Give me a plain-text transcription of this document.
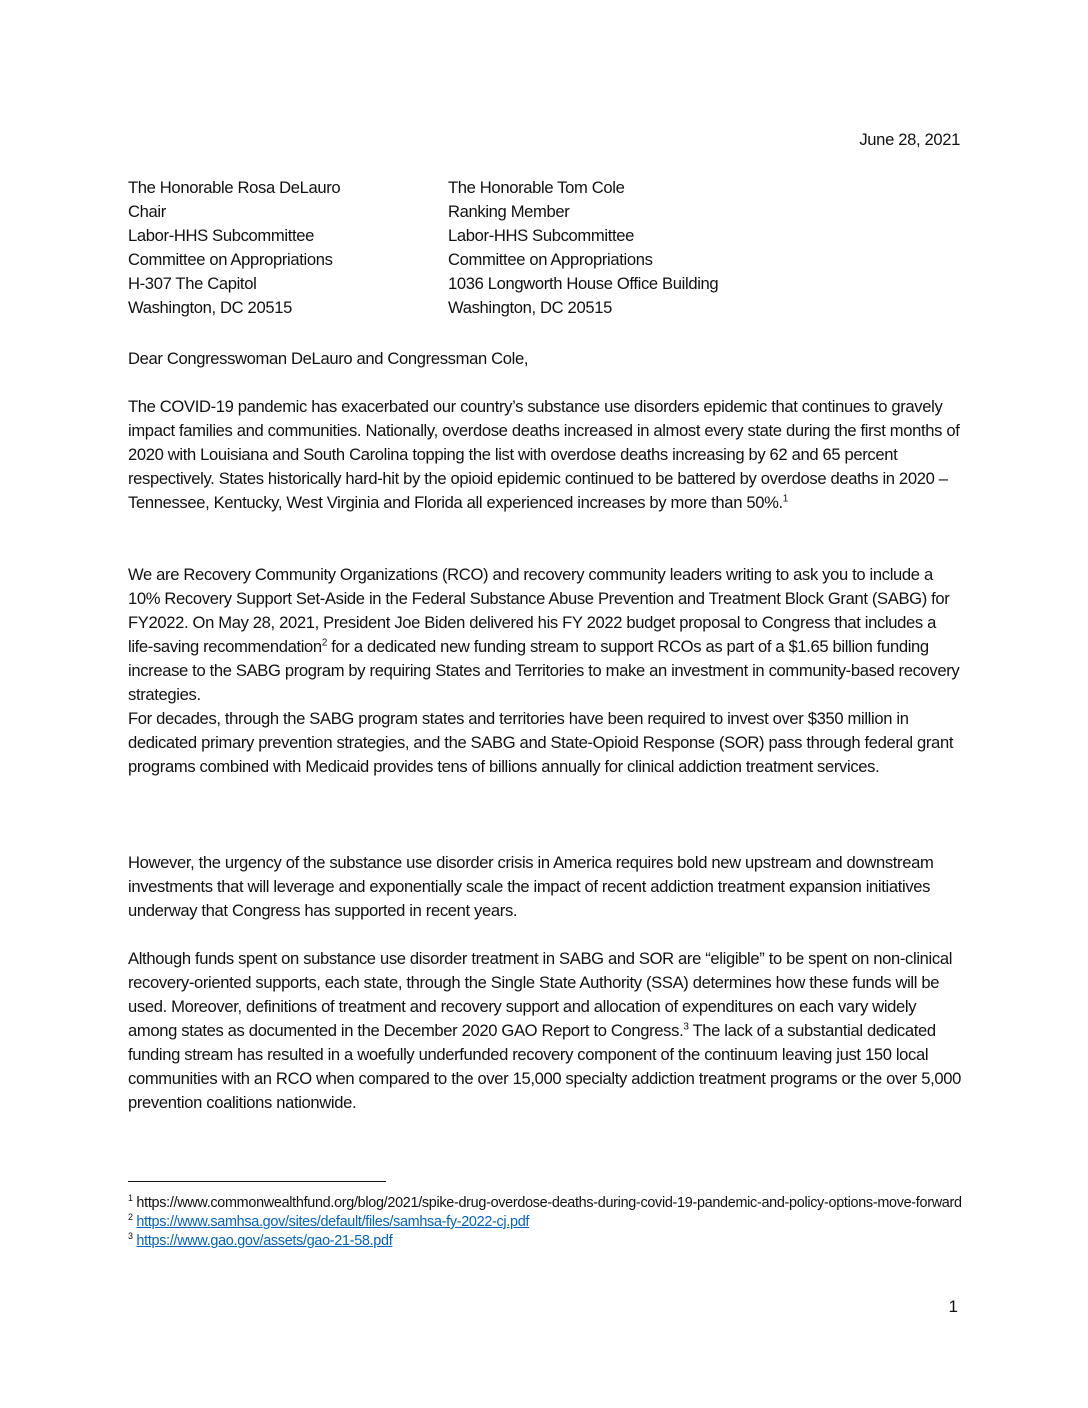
June 28, 2021
The Honorable Rosa DeLauro
Chair
Labor-HHS Subcommittee
Committee on Appropriations
H-307 The Capitol
Washington, DC 20515
The Honorable Tom Cole
Ranking Member
Labor-HHS Subcommittee
Committee on Appropriations
1036 Longworth House Office Building
Washington, DC 20515

Dear Congresswoman DeLauro and Congressman Cole,

The COVID-19 pandemic has exacerbated our country’s substance use disorders epidemic that continues to gravely impact families and communities. Nationally, overdose deaths increased in almost every state during the first months of 2020 with Louisiana and South Carolina topping the list with overdose deaths increasing by 62 and 65 percent respectively. States historically hard-hit by the opioid epidemic continued to be battered by overdose deaths in 2020 – Tennessee, Kentucky, West Virginia and Florida all experienced increases by more than 50%.$^1$

We are Recovery Community Organizations (RCO) and recovery community leaders writing to ask you to include a 10% Recovery Support Set-Aside in the Federal Substance Abuse Prevention and Treatment Block Grant (SABG) for FY2022. On May 28, 2021, President Joe Biden delivered his FY 2022 budget proposal to Congress that includes a life-saving recommendation$^2$ for a dedicated new funding stream to support RCOs as part of a $1.65 billion funding increase to the SABG program by requiring States and Territories to make an investment in community-based recovery strategies.

For decades, through the SABG program states and territories have been required to invest over $350 million in dedicated primary prevention strategies, and the SABG and State-Opioid Response (SOR) pass through federal grant programs combined with Medicaid provides tens of billions annually for clinical addiction treatment services.

However, the urgency of the substance use disorder crisis in America requires bold new upstream and downstream investments that will leverage and exponentially scale the impact of recent addiction treatment expansion initiatives underway that Congress has supported in recent years.

Although funds spent on substance use disorder treatment in SABG and SOR are “eligible” to be spent on non-clinical recovery-oriented supports, each state, through the Single State Authority (SSA) determines how these funds will be used. Moreover, definitions of treatment and recovery support and allocation of expenditures on each vary widely among states as documented in the December 2020 GAO Report to Congress.$^3$ The lack of a substantial dedicated funding stream has resulted in a woefully underfunded recovery component of the continuum leaving just 150 local communities with an RCO when compared to the over 15,000 specialty addiction treatment programs or the over 5,000 prevention coalitions nationwide.

$^1$ https://www.commonwealthfund.org/blog/2021/spike-drug-overdose-deaths-during-covid-19-pandemic-and-policy-options-move-forward
$^2$ https://www.samhsa.gov/sites/default/files/samhsa-fy-2022-cj.pdf
$^3$ https://www.gao.gov/assets/gao-21-58.pdf
1
